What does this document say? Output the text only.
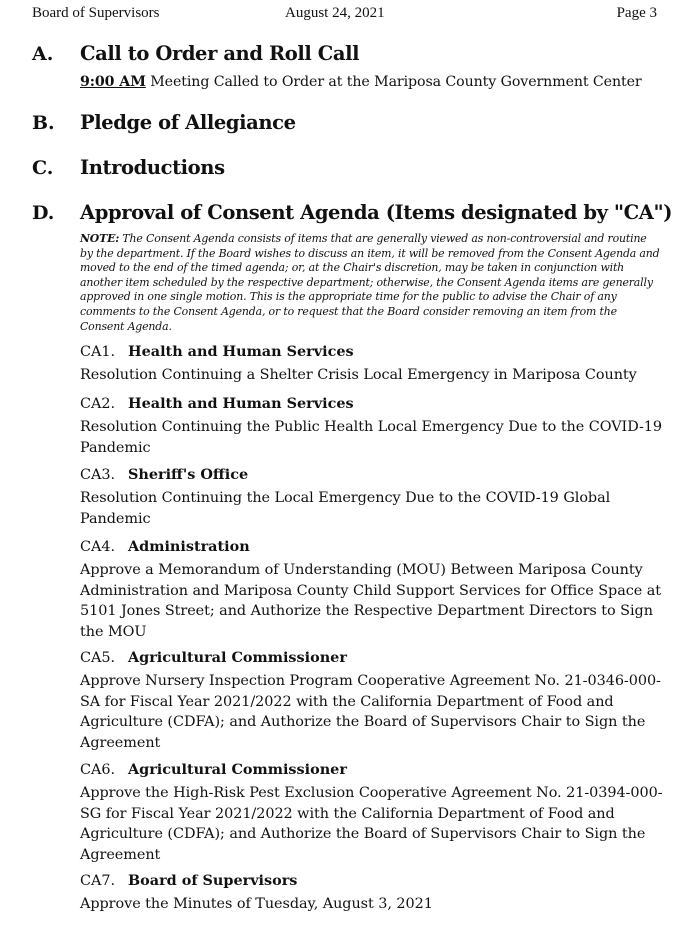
Board of Supervisors	August 24, 2021	Page 3
A. Call to Order and Roll Call
9:00 AM Meeting Called to Order at the Mariposa County Government Center
B. Pledge of Allegiance
C. Introductions
D. Approval of Consent Agenda (Items designated by "CA")
NOTE: The Consent Agenda consists of items that are generally viewed as non-controversial and routine by the department. If the Board wishes to discuss an item, it will be removed from the Consent Agenda and moved to the end of the timed agenda; or, at the Chair's discretion, may be taken in conjunction with another item scheduled by the respective department; otherwise, the Consent Agenda items are generally approved in one single motion. This is the appropriate time for the public to advise the Chair of any comments to the Consent Agenda, or to request that the Board consider removing an item from the Consent Agenda.
CA1. Health and Human Services
Resolution Continuing a Shelter Crisis Local Emergency in Mariposa County
CA2. Health and Human Services
Resolution Continuing the Public Health Local Emergency Due to the COVID-19 Pandemic
CA3. Sheriff's Office
Resolution Continuing the Local Emergency Due to the COVID-19 Global Pandemic
CA4. Administration
Approve a Memorandum of Understanding (MOU) Between Mariposa County Administration and Mariposa County Child Support Services for Office Space at 5101 Jones Street; and Authorize the Respective Department Directors to Sign the MOU
CA5. Agricultural Commissioner
Approve Nursery Inspection Program Cooperative Agreement No. 21-0346-000-SA for Fiscal Year 2021/2022 with the California Department of Food and Agriculture (CDFA); and Authorize the Board of Supervisors Chair to Sign the Agreement
CA6. Agricultural Commissioner
Approve the High-Risk Pest Exclusion Cooperative Agreement No. 21-0394-000-SG for Fiscal Year 2021/2022 with the California Department of Food and Agriculture (CDFA); and Authorize the Board of Supervisors Chair to Sign the Agreement
CA7. Board of Supervisors
Approve the Minutes of Tuesday, August 3, 2021
